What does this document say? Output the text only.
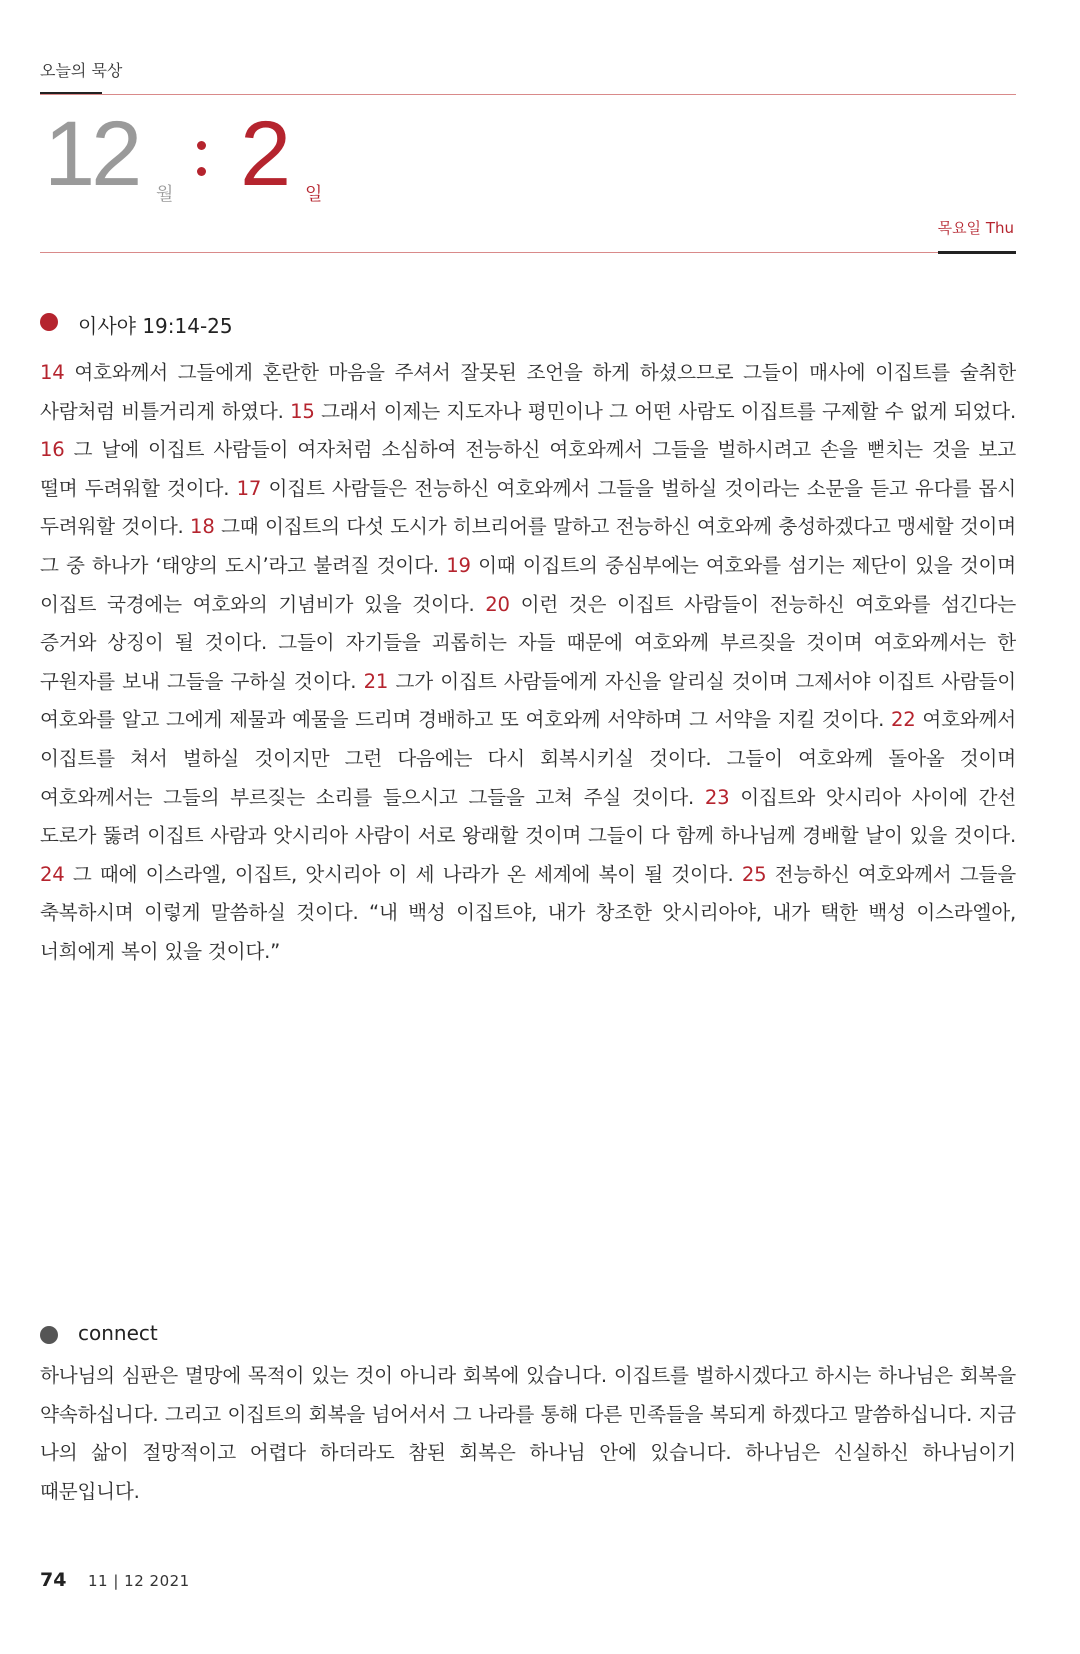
오늘의 묵상
12 월 2 일
목요일 Thu
이사야 19:14-25
14 여호와께서 그들에게 혼란한 마음을 주셔서 잘못된 조언을 하게 하셨으므로 그들이 매사에 이집트를 술취한 사람처럼 비틀거리게 하였다. 15 그래서 이제는 지도자나 평민이나 그 어떤 사람도 이집트를 구제할 수 없게 되었다. 16 그 날에 이집트 사람들이 여자처럼 소심하여 전능하신 여호와께서 그들을 벌하시려고 손을 뻗치는 것을 보고 떨며 두려워할 것이다. 17 이집트 사람들은 전능하신 여호와께서 그들을 벌하실 것이라는 소문을 듣고 유다를 몹시 두려워할 것이다. 18 그때 이집트의 다섯 도시가 히브리어를 말하고 전능하신 여호와께 충성하겠다고 맹세할 것이며 그 중 하나가 ‘태양의 도시’라고 불려질 것이다. 19 이때 이집트의 중심부에는 여호와를 섬기는 제단이 있을 것이며 이집트 국경에는 여호와의 기념비가 있을 것이다. 20 이런 것은 이집트 사람들이 전능하신 여호와를 섬긴다는 증거와 상징이 될 것이다. 그들이 자기들을 괴롭히는 자들 때문에 여호와께 부르짖을 것이며 여호와께서는 한 구원자를 보내 그들을 구하실 것이다. 21 그가 이집트 사람들에게 자신을 알리실 것이며 그제서야 이집트 사람들이 여호와를 알고 그에게 제물과 예물을 드리며 경배하고 또 여호와께 서약하며 그 서약을 지킬 것이다. 22 여호와께서 이집트를 쳐서 벌하실 것이지만 그런 다음에는 다시 회복시키실 것이다. 그들이 여호와께 돌아올 것이며 여호와께서는 그들의 부르짖는 소리를 들으시고 그들을 고쳐 주실 것이다. 23 이집트와 앗시리아 사이에 간선 도로가 뚫려 이집트 사람과 앗시리아 사람이 서로 왕래할 것이며 그들이 다 함께 하나님께 경배할 날이 있을 것이다. 24 그 때에 이스라엘, 이집트, 앗시리아 이 세 나라가 온 세계에 복이 될 것이다. 25 전능하신 여호와께서 그들을 축복하시며 이렇게 말씀하실 것이다. “내 백성 이집트야, 내가 창조한 앗시리아야, 내가 택한 백성 이스라엘아, 너희에게 복이 있을 것이다.”
connect
하나님의 심판은 멸망에 목적이 있는 것이 아니라 회복에 있습니다. 이집트를 벌하시겠다고 하시는 하나님은 회복을 약속하십니다. 그리고 이집트의 회복을 넘어서서 그 나라를 통해 다른 민족들을 복되게 하겠다고 말씀하십니다. 지금 나의 삶이 절망적이고 어렵다 하더라도 참된 회복은 하나님 안에 있습니다. 하나님은 신실하신 하나님이기 때문입니다.
74 11 | 12 2021
